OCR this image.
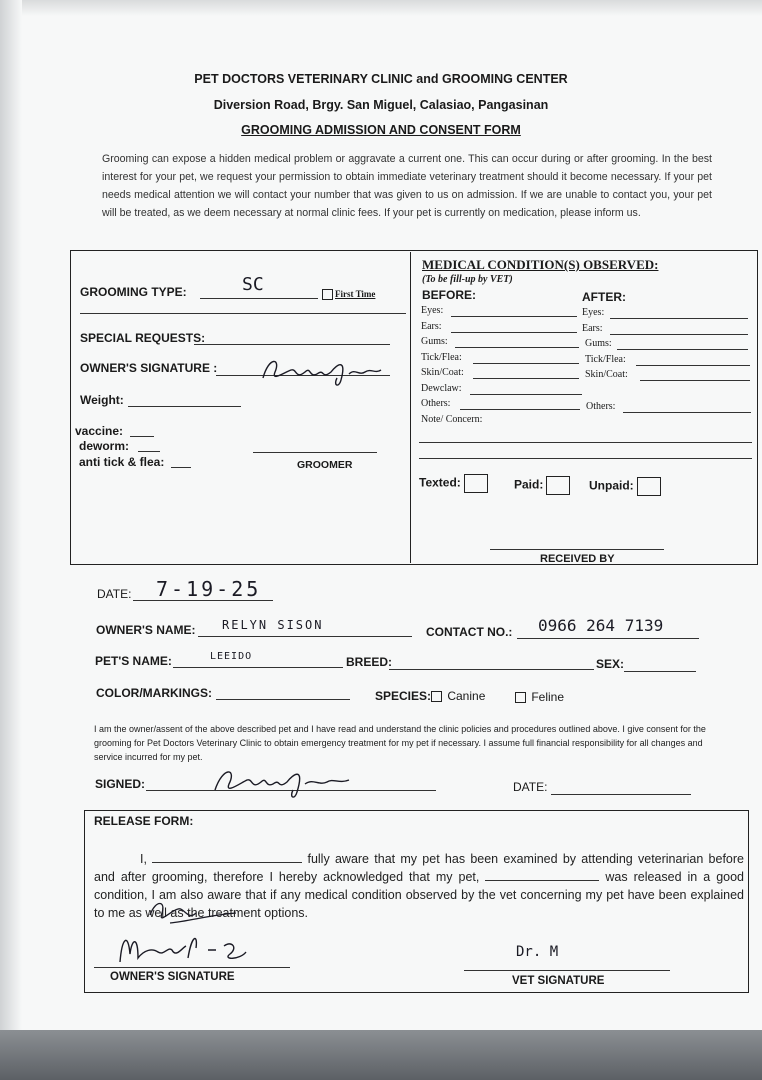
PET DOCTORS VETERINARY CLINIC and GROOMING CENTER
Diversion Road, Brgy. San Miguel, Calasiao, Pangasinan
GROOMING ADMISSION AND CONSENT FORM
Grooming can expose a hidden medical problem or aggravate a current one. This can occur during or after grooming. In the best interest for your pet, we request your permission to obtain immediate veterinary treatment should it become necessary. If your pet needs medical attention we will contact your number that was given to us on admission. If we are unable to contact you, your pet will be treated, as we deem necessary at normal clinic fees. If your pet is currently on medication, please inform us.
GROOMING TYPE:	SC	First Time
SPECIAL REQUESTS:
OWNER'S SIGNATURE :
Weight:
vaccine:
deworm:
anti tick & flea:	GROOMER
MEDICAL CONDITION(S) OBSERVED:
(To be fill-up by VET)
BEFORE:	AFTER:
Eyes:
Ears:
Gums:
Tick/Flea:
Skin/Coat:
Dewclaw:
Others:
Eyes:
Ears:
Gums:
Tick/Flea:
Skin/Coat:
Others:
Note/ Concern:
Texted:	Paid:	Unpaid:
RECEIVED BY
DATE: 7-19-25
OWNER'S NAME: RELYN SISON	CONTACT NO.: 0966 264 7139
PET'S NAME:	LEEIDO	BREED:	SEX:
COLOR/MARKINGS:	SPECIES:	Canine	Feline
I am the owner/assent of the above described pet and I have read and understand the clinic policies and procedures outlined above. I give consent for the grooming for Pet Doctors Veterinary Clinic to obtain emergency treatment for my pet if necessary. I assume full financial responsibility for all changes and service incurred for my pet.
SIGNED:	DATE:
RELEASE FORM:
I,	fully aware that my pet has been examined by attending veterinarian before and after grooming, therefore I hereby acknowledged that my pet,	was released in a good condition, I am also aware that if any medical condition observed by the vet concerning my pet have been explained to me as well as the treatment options.
OWNER'S SIGNATURE
Dr. M
VET SIGNATURE
